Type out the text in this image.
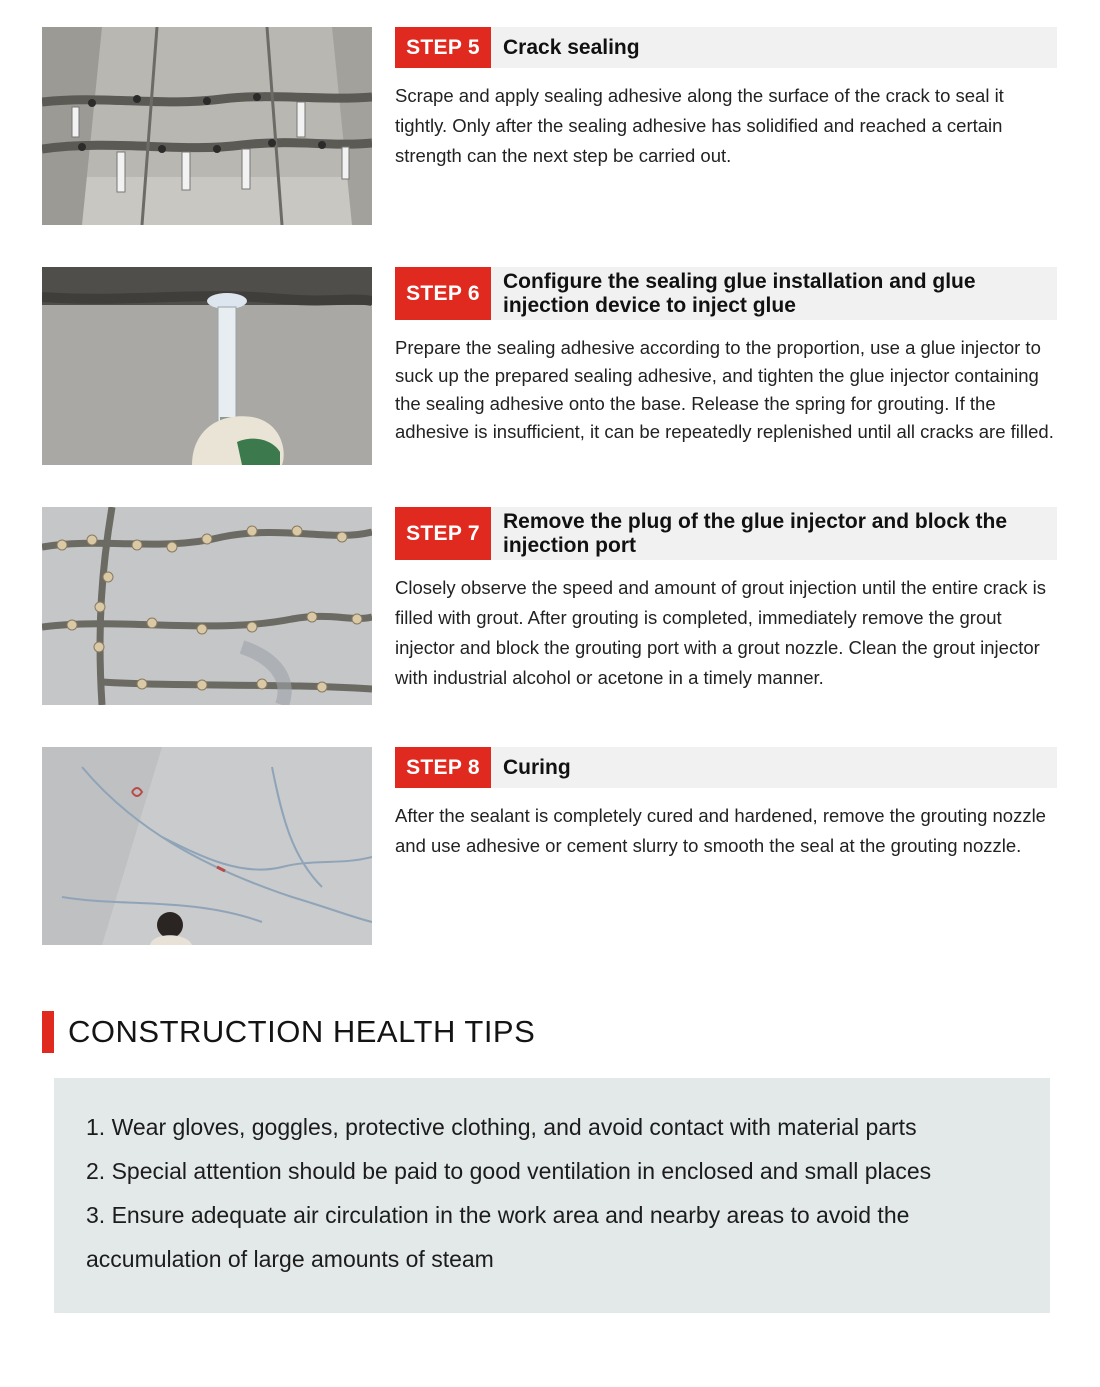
STEP 5	Crack sealing

Scrape and apply sealing adhesive along the surface of the crack to seal it tightly. Only after the sealing adhesive has solidified and reached a certain strength can the next step be carried out.

STEP 6	Configure the sealing glue installation and glue injection device to inject glue

Prepare the sealing adhesive according to the proportion, use a glue injector to suck up the prepared sealing adhesive, and tighten the glue injector containing the sealing adhesive onto the base. Release the spring for grouting. If the adhesive is insufficient, it can be repeatedly replenished until all cracks are filled.

STEP 7	Remove the plug of the glue injector and block the injection port

Closely observe the speed and amount of grout injection until the entire crack is filled with grout. After grouting is completed, immediately remove the grout injector and block the grouting port with a grout nozzle. Clean the grout injector with industrial alcohol or acetone in a timely manner.

STEP 8	Curing

After the sealant is completely cured and hardened, remove the grouting nozzle and use adhesive or cement slurry to smooth the seal at the grouting nozzle.

CONSTRUCTION HEALTH TIPS

1. Wear gloves, goggles, protective clothing, and avoid contact with material parts

2. Special attention should be paid to good ventilation in enclosed and small places

3. Ensure adequate air circulation in the work area and nearby areas to avoid the accumulation of large amounts of steam
